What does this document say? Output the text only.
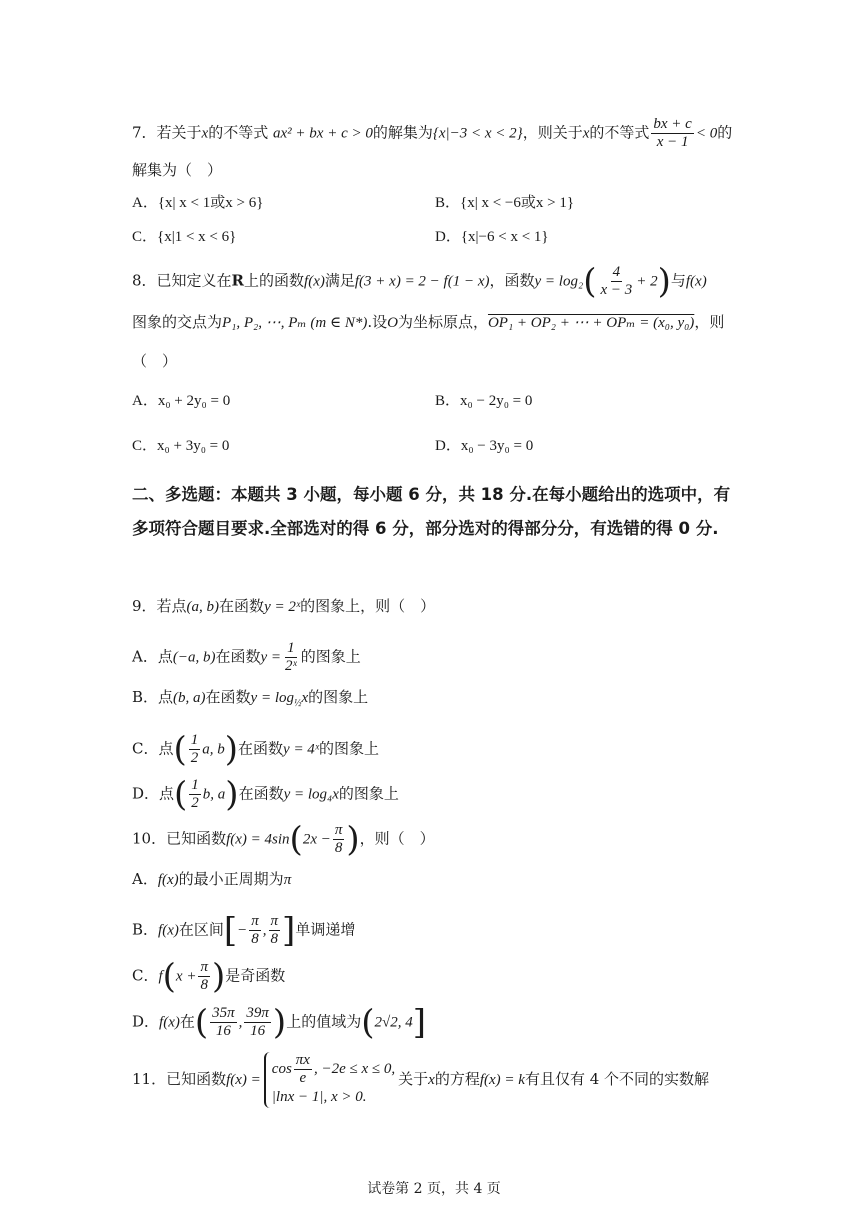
7．若关于x的不等式 ax² + bx + c > 0的解集为{x|−3 < x < 2}，则关于x的不等式 $\frac{bx + c}{x - 1} < 0$的
解集为（　）
A．{x| x < 1或x > 6}	B．{x| x < −6或x > 1}
C．{x|1 < x < 6}	D．{x|−6 < x < 1}
8．已知定义在R上的函数f(x)满足f(3 + x) = 2 − f(1 − x)，函数$y = \log_2( \frac{4}{x - 3} + 2)$与f(x)
图象的交点为P₁, P₂, ⋯, Pₘ (m ∈ N*).设O为坐标原点，OP₁ + OP₂ + ⋯ + OPₘ = (x₀, y₀)，则
（　）
A．x₀ + 2y₀ = 0	B．x₀ − 2y₀ = 0
C．x₀ + 3y₀ = 0	D．x₀ − 3y₀ = 0
二、多选题：本题共 3 小题，每小题 6 分，共 18 分.在每小题给出的选项中，有多项符合题目要求.全部选对的得 6 分，部分选对的得部分分，有选错的得 0 分.
9．若点(a, b)在函数y = 2ˣ的图象上，则（　）
A．点(−a, b)在函数$y = \frac{1}{\text{2ˣ}}$ 的图象上
B．点(b, a)在函数$y = \log_{\frac{1}{2}}x$的图象上
C．点( $\frac{1}{2} a$, b)在函数y = 4ˣ的图象上
D．点( $\frac{1}{2} b$, a)在函数y = log₄x的图象上
10．已知函数$f(x) = 4\sin(2x - \frac{\pi}{8}$ )，则（　）
A．f(x)的最小正周期为π
B．f(x)在区间[− $\frac{\pi}{8}$ , $\frac{\pi}{8}$ ]单调递增
C．$f(x + \frac{\pi}{8}$ )是奇函数
D．f(x)在( $\frac{35\pi}{16}$ , $\frac{39\pi}{16}$ )上的值域为(2√2, 4]
11．已知函数f(x) =
$\cos \frac{\pi x}{e}$ , −2e ≤ x ≤ 0,
|lnx − 1|, x > 0.
关于x的方程f(x) = k有且仅有 4 个不同的实数解
试卷第 2 页，共 4 页
